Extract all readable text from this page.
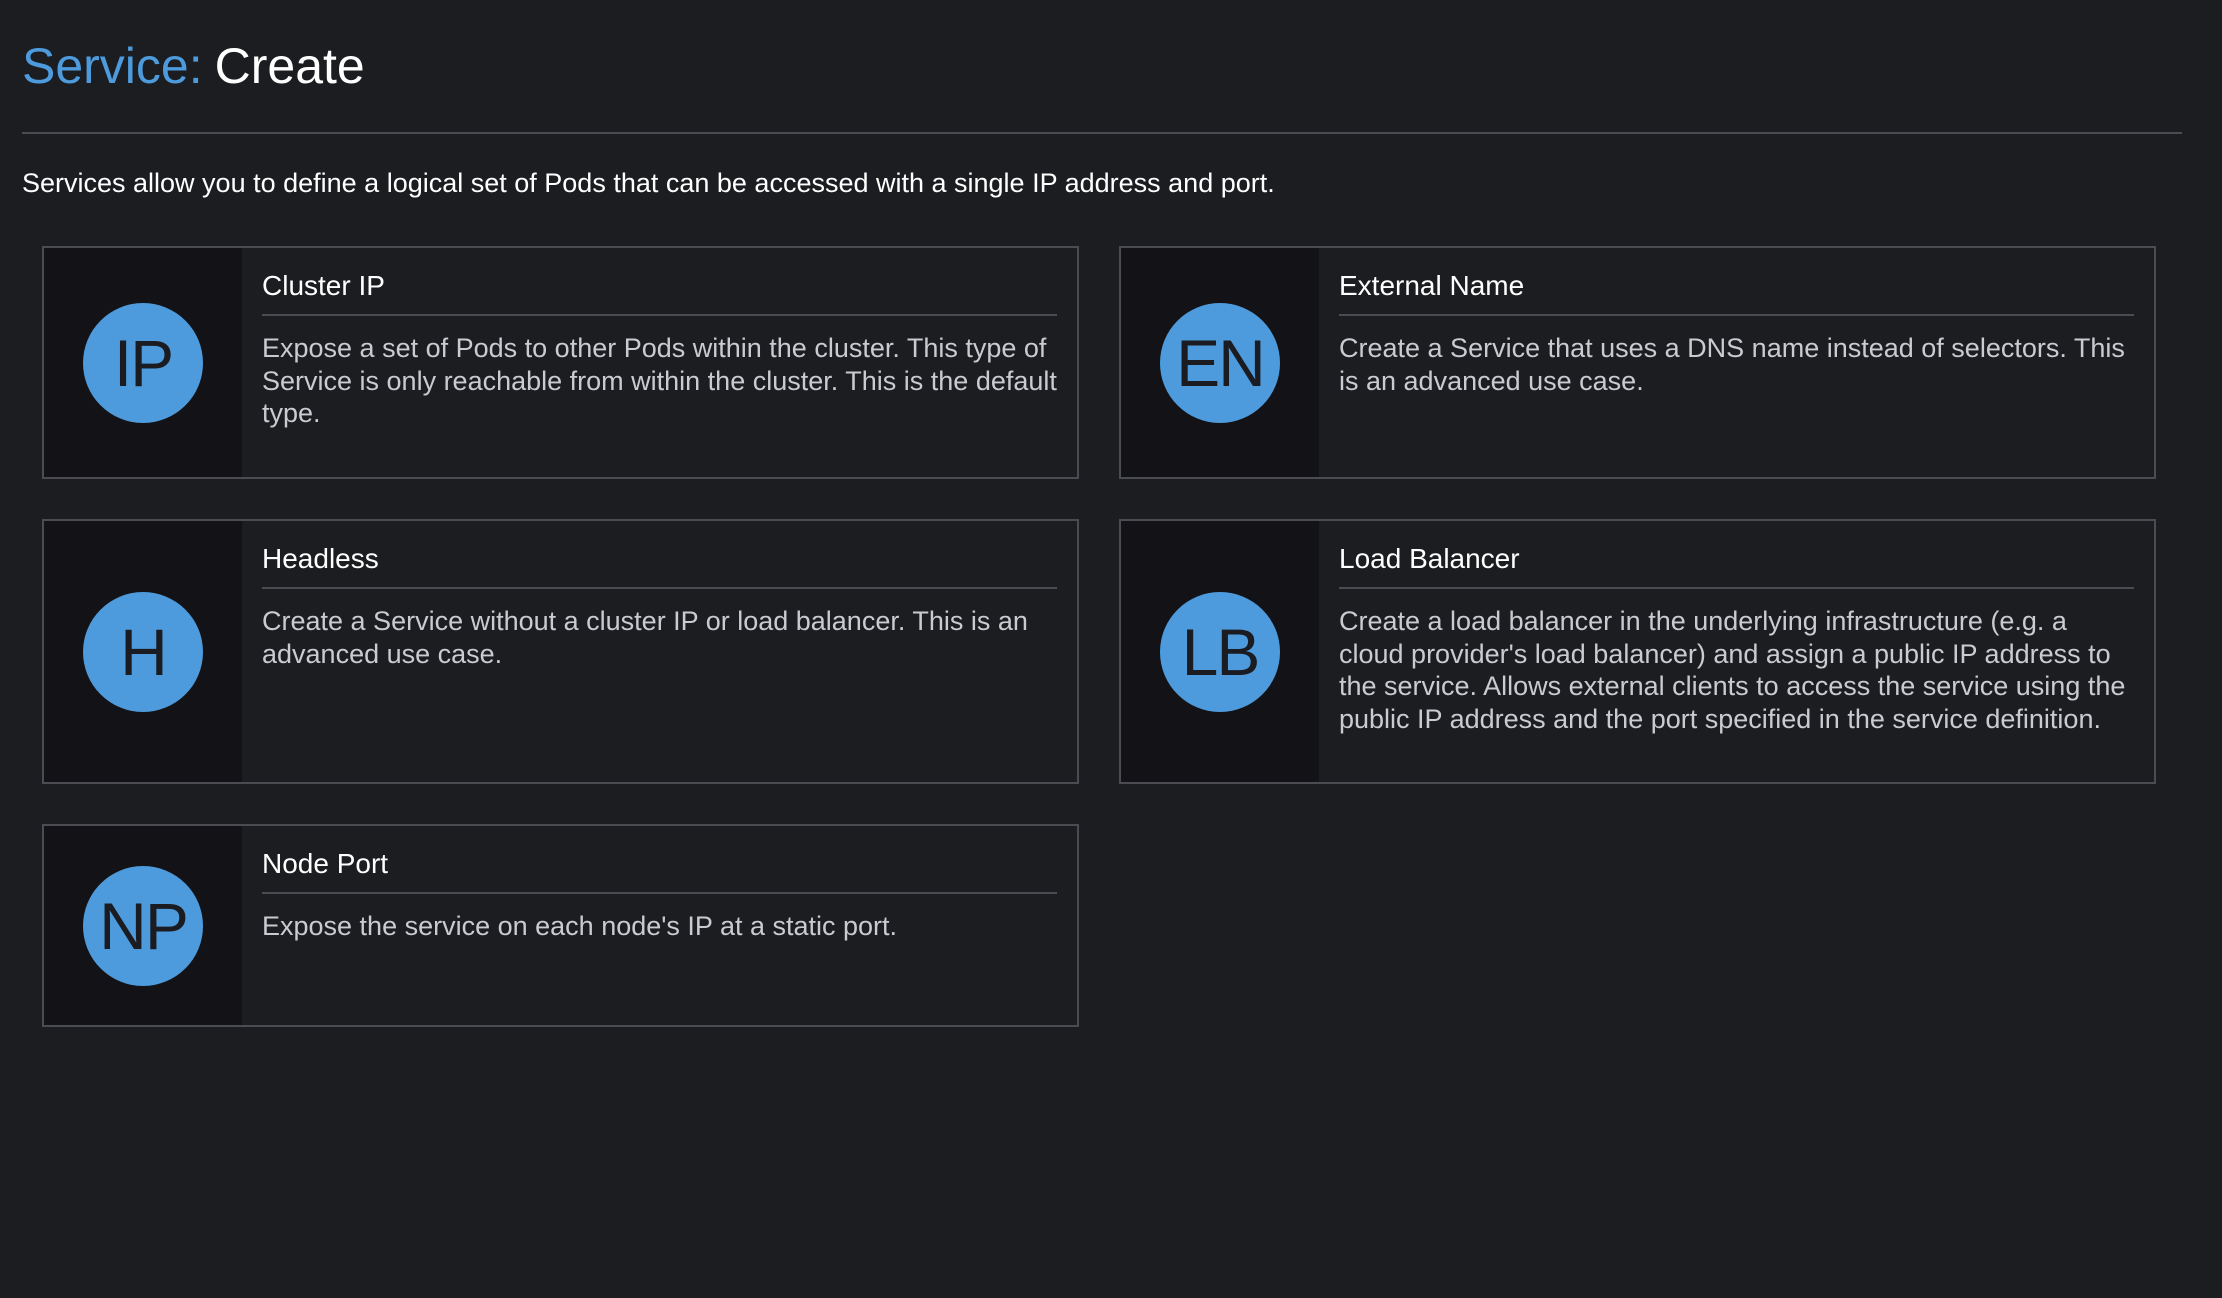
Service: Create
Services allow you to define a logical set of Pods that can be accessed with a single IP address and port.
IP
Cluster IP
Expose a set of Pods to other Pods within the cluster. This type of Service is only reachable from within the cluster. This is the default type.
EN
External Name
Create a Service that uses a DNS name instead of selectors. This is an advanced use case.
H
Headless
Create a Service without a cluster IP or load balancer. This is an advanced use case.	LB
Load Balancer
Create a load balancer in the underlying infrastructure (e.g. a cloud provider's load balancer) and assign a public IP address to the service. Allows external clients to access the service using the public IP address and the port specified in the service definition.
NP
Node Port
Expose the service on each node's IP at a static port.
